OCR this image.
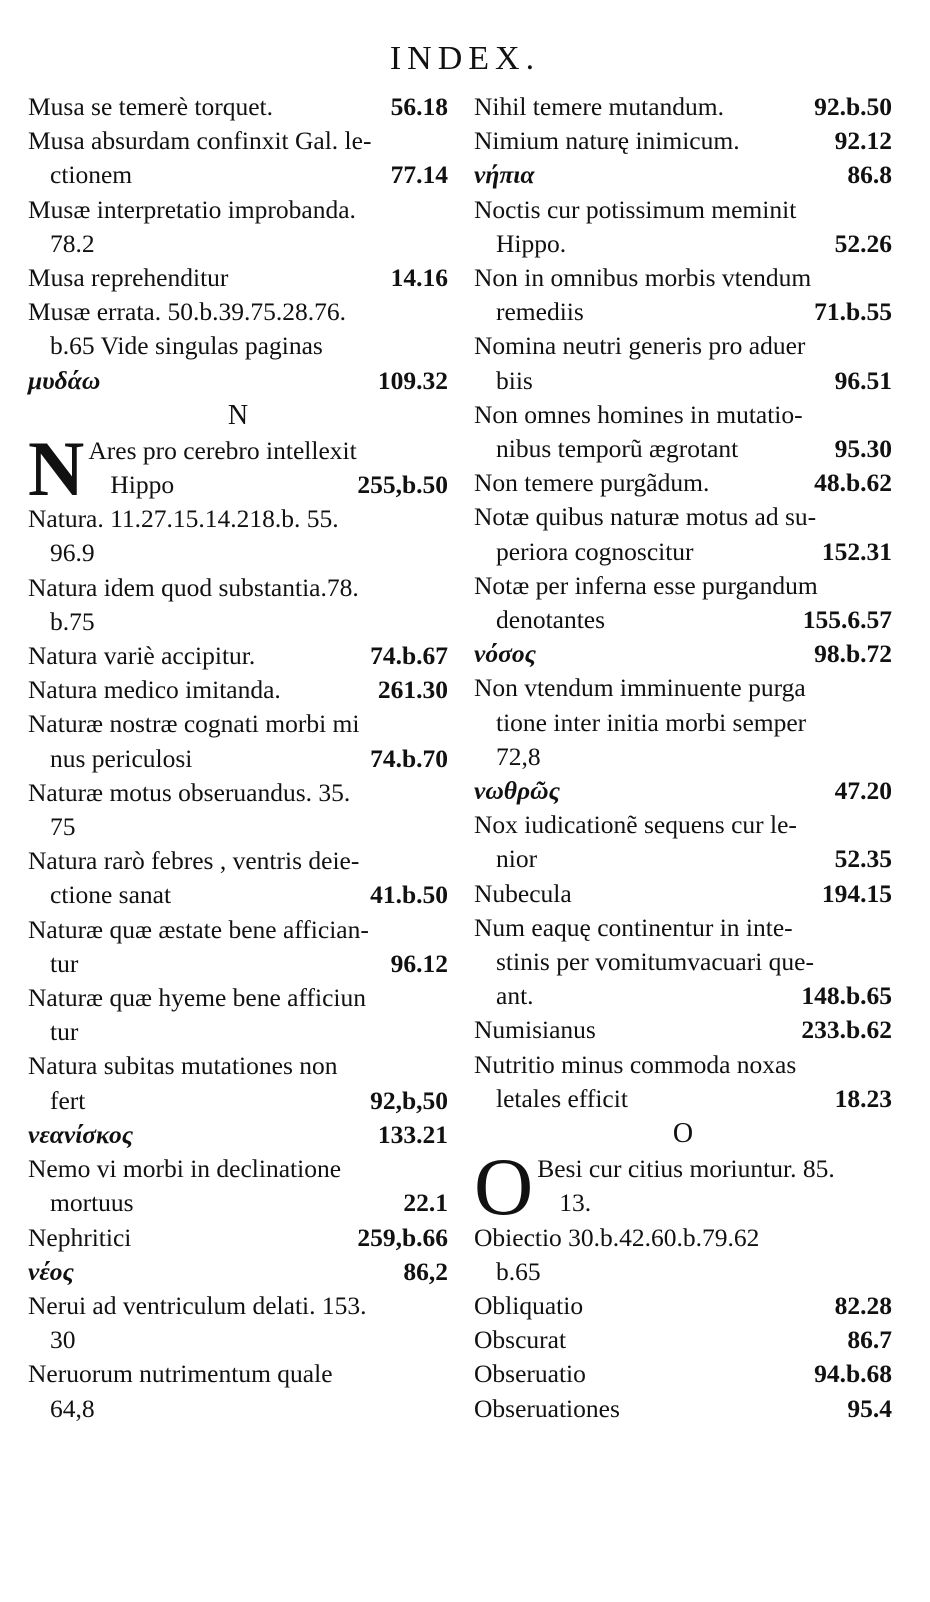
INDEX.
Musa se temerè torquet.	56.18
Musa absurdam confinxit Gal. le-
ctionem	77.14
Musæ interpretatio improbanda.
78.2
Musa reprehenditur	14.16
Musæ errata. 50.b.39.75.28.76.
b.65 Vide singulas paginas
μυδάω	109.32
N
N Ares pro cerebro intellexit
Hippo	255,b.50
Natura. 11.27.15.14.218.b. 55.
96.9
Natura idem quod substantia.78.
b.75
Natura variè accipitur.	74.b.67
Natura medico imitanda.	261.30
Naturæ nostræ cognati morbi mi
nus periculosi	74.b.70
Naturæ motus obseruandus. 35.
75
Natura rarò febres , ventris deie-
ctione sanat	41.b.50
Naturæ quæ æstate bene affician-
tur	96.12
Naturæ quæ hyeme bene afficiun
tur
Natura subitas mutationes non
fert	92,b,50
νεανίσκος	133.21
Nemo vi morbi in declinatione
mortuus	22.1
Nephritici	259,b.66
νέος	86,2
Nerui ad ventriculum delati. 153.
30
Neruorum nutrimentum quale
64,8
Nihil temere mutandum.	92.b.50
Nimium naturę inimicum.	92.12
νήπια	86.8
Noctis cur potissimum meminit
Hippo.	52.26
Non in omnibus morbis vtendum
remediis	71.b.55
Nomina neutri generis pro aduer
biis	96.51
Non omnes homines in mutatio-
nibus temporũ ægrotant	95.30
Non temere purgãdum.	48.b.62
Notæ quibus naturæ motus ad su-
periora cognoscitur	152.31
Notæ per inferna esse purgandum
denotantes	155.6.57
νόσος	98.b.72
Non vtendum imminuente purga
tione inter initia morbi semper
72,8
νωθρῶς	47.20
Nox iudicationẽ sequens cur le-
nior	52.35
Nubecula	194.15
Num eaquę continentur in inte-
stinis per vomitumvacuari que-
ant.	148.b.65
Numisianus	233.b.62
Nutritio minus commoda noxas
letales efficit	18.23
O
O Besi cur citius moriuntur. 85.
13.
Obiectio 30.b.42.60.b.79.62
b.65
Obliquatio	82.28
Obscurat	86.7
Obseruatio	94.b.68
Obseruationes	95.4
